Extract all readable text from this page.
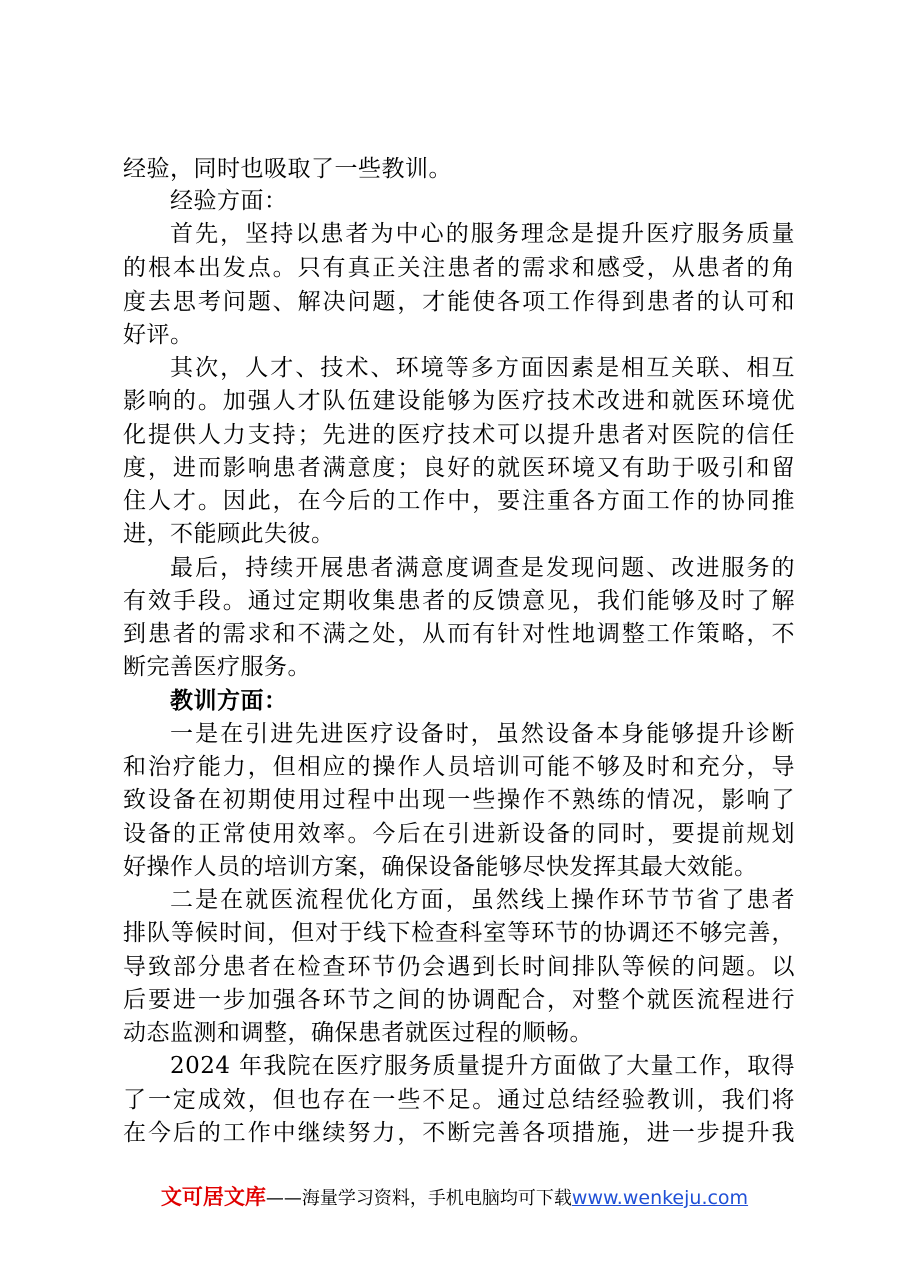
经验，同时也吸取了一些教训。
经验方面：
首先，坚持以患者为中心的服务理念是提升医疗服务质量
的根本出发点。只有真正关注患者的需求和感受，从患者的角
度去思考问题、解决问题，才能使各项工作得到患者的认可和
好评。
其次，人才、技术、环境等多方面因素是相互关联、相互
影响的。加强人才队伍建设能够为医疗技术改进和就医环境优
化提供人力支持；先进的医疗技术可以提升患者对医院的信任
度，进而影响患者满意度；良好的就医环境又有助于吸引和留
住人才。因此，在今后的工作中，要注重各方面工作的协同推
进，不能顾此失彼。
最后，持续开展患者满意度调查是发现问题、改进服务的
有效手段。通过定期收集患者的反馈意见，我们能够及时了解
到患者的需求和不满之处，从而有针对性地调整工作策略，不
断完善医疗服务。
教训方面：
一是在引进先进医疗设备时，虽然设备本身能够提升诊断
和治疗能力，但相应的操作人员培训可能不够及时和充分，导
致设备在初期使用过程中出现一些操作不熟练的情况，影响了
设备的正常使用效率。今后在引进新设备的同时，要提前规划
好操作人员的培训方案，确保设备能够尽快发挥其最大效能。
二是在就医流程优化方面，虽然线上操作环节节省了患者
排队等候时间，但对于线下检查科室等环节的协调还不够完善，
导致部分患者在检查环节仍会遇到长时间排队等候的问题。以
后要进一步加强各环节之间的协调配合，对整个就医流程进行
动态监测和调整，确保患者就医过程的顺畅。
2024 年我院在医疗服务质量提升方面做了大量工作，取得
了一定成效，但也存在一些不足。通过总结经验教训，我们将
在今后的工作中继续努力，不断完善各项措施，进一步提升我
文可居文库——海量学习资料，手机电脑均可下载www.wenkeju.com
